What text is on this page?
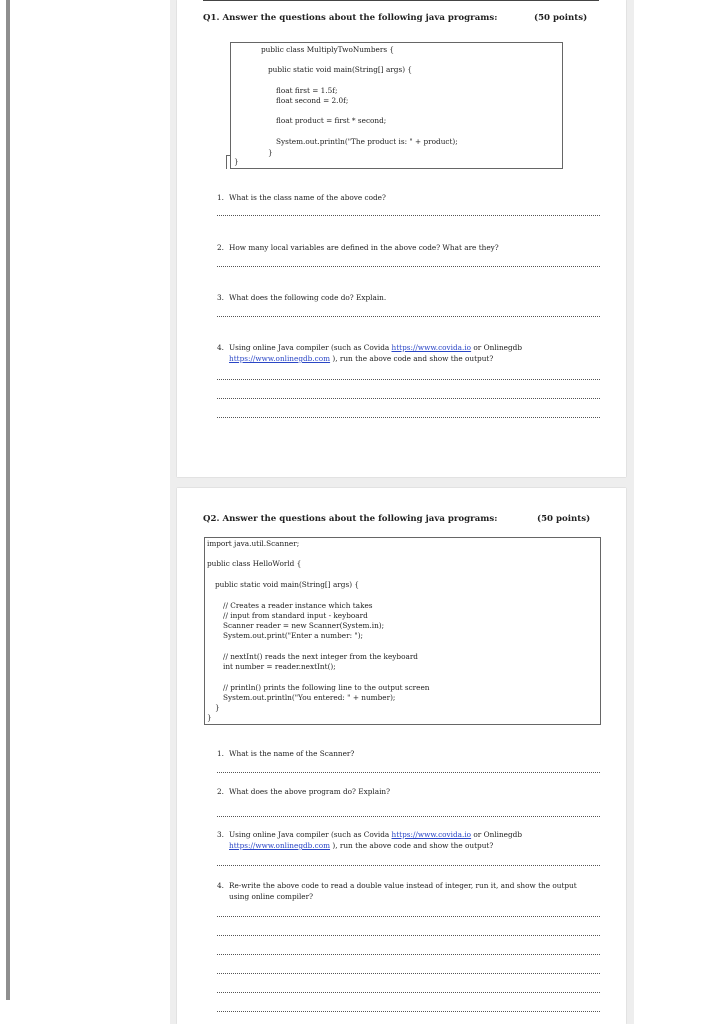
Q1. Answer the questions about the following java programs:	(50 points)
public class MultiplyTwoNumbers {
public static void main(String[] args) {
float first = 1.5f;
float second = 2.0f;
float product = first * second;
System.out.println("The product is: " + product);
}
}
1. What is the class name of the above code?
2. How many local variables are defined in the above code? What are they?
3. What does the following code do? Explain.
4. Using online Java compiler (such as Covida https://www.covida.io or Onlinegdb
https://www.onlinegdb.com ), run the above code and show the output?
Q2. Answer the questions about the following java programs:	(50 points)
import java.util.Scanner;
public class HelloWorld {
public static void main(String[] args) {
// Creates a reader instance which takes
// input from standard input - keyboard
Scanner reader = new Scanner(System.in);
System.out.print("Enter a number: ");
// nextInt() reads the next integer from the keyboard
int number = reader.nextInt();
// println() prints the following line to the output screen
System.out.println("You entered: " + number);
}
}
1. What is the name of the Scanner?
2. What does the above program do? Explain?
3. Using online Java compiler (such as Covida https://www.covida.io or Onlinegdb
https://www.onlinegdb.com ), run the above code and show the output?
4. Re-write the above code to read a double value instead of integer, run it, and show the output
using online compiler?
